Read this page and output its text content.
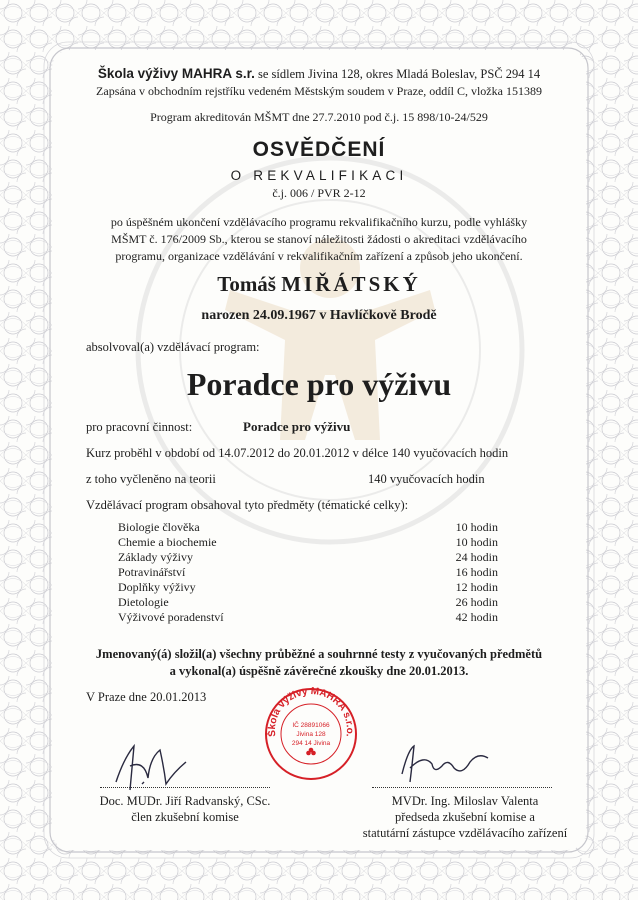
Škola výživy MAHRA s.r. se sídlem Jivina 128, okres Mladá Boleslav, PSČ 294 14
Zapsána v obchodním rejstříku vedeném Městským soudem v Praze, oddíl C, vložka 151389
Program akreditován MŠMT dne 27.7.2010 pod č.j. 15 898/10-24/529
OSVĚDČENÍ
O REKVALIFIKACI
č.j. 006 / PVR 2-12
po úspěšném ukončení vzdělávacího programu rekvalifikačního kurzu, podle vyhlášky
MŠMT č. 176/2009 Sb., kterou se stanoví náležitosti žádosti o akreditaci vzdělávacího
programu, organizace vzdělávání v rekvalifikačním zařízení a způsob jeho ukončení.
Tomáš MIŘÁTSKÝ
narozen 24.09.1967 v Havlíčkově Brodě
absolvoval(a) vzdělávací program:
Poradce pro výživu
pro pracovní činnost:	Poradce pro výživu
Kurz proběhl v období od 14.07.2012 do 20.01.2012 v délce 140 vyučovacích hodin
z toho vyčleněno na teorii	140 vyučovacích hodin
Vzdělávací program obsahoval tyto předměty (tématické celky):
Biologie člověka	10 hodin
Chemie a biochemie	10 hodin
Základy výživy	24 hodin
Potravinářství	16 hodin
Doplňky výživy	12 hodin
Dietologie	26 hodin
Výživové poradenství	42 hodin
Jmenovaný(á) složil(a) všechny průběžné a souhrnné testy z vyučovaných předmětů
a vykonal(a) úspěšně závěrečné zkoušky dne 20.01.2013.
V Praze dne 20.01.2013
Škola výživy MAHRA s.r.o.
IČ 28891066
Jivina 128
294 14 Jivina
Doc. MUDr. Jiří Radvanský, CSc.
člen zkušební komise
MVDr. Ing. Miloslav Valenta
předseda zkušební komise a
statutární zástupce vzdělávacího zařízení
